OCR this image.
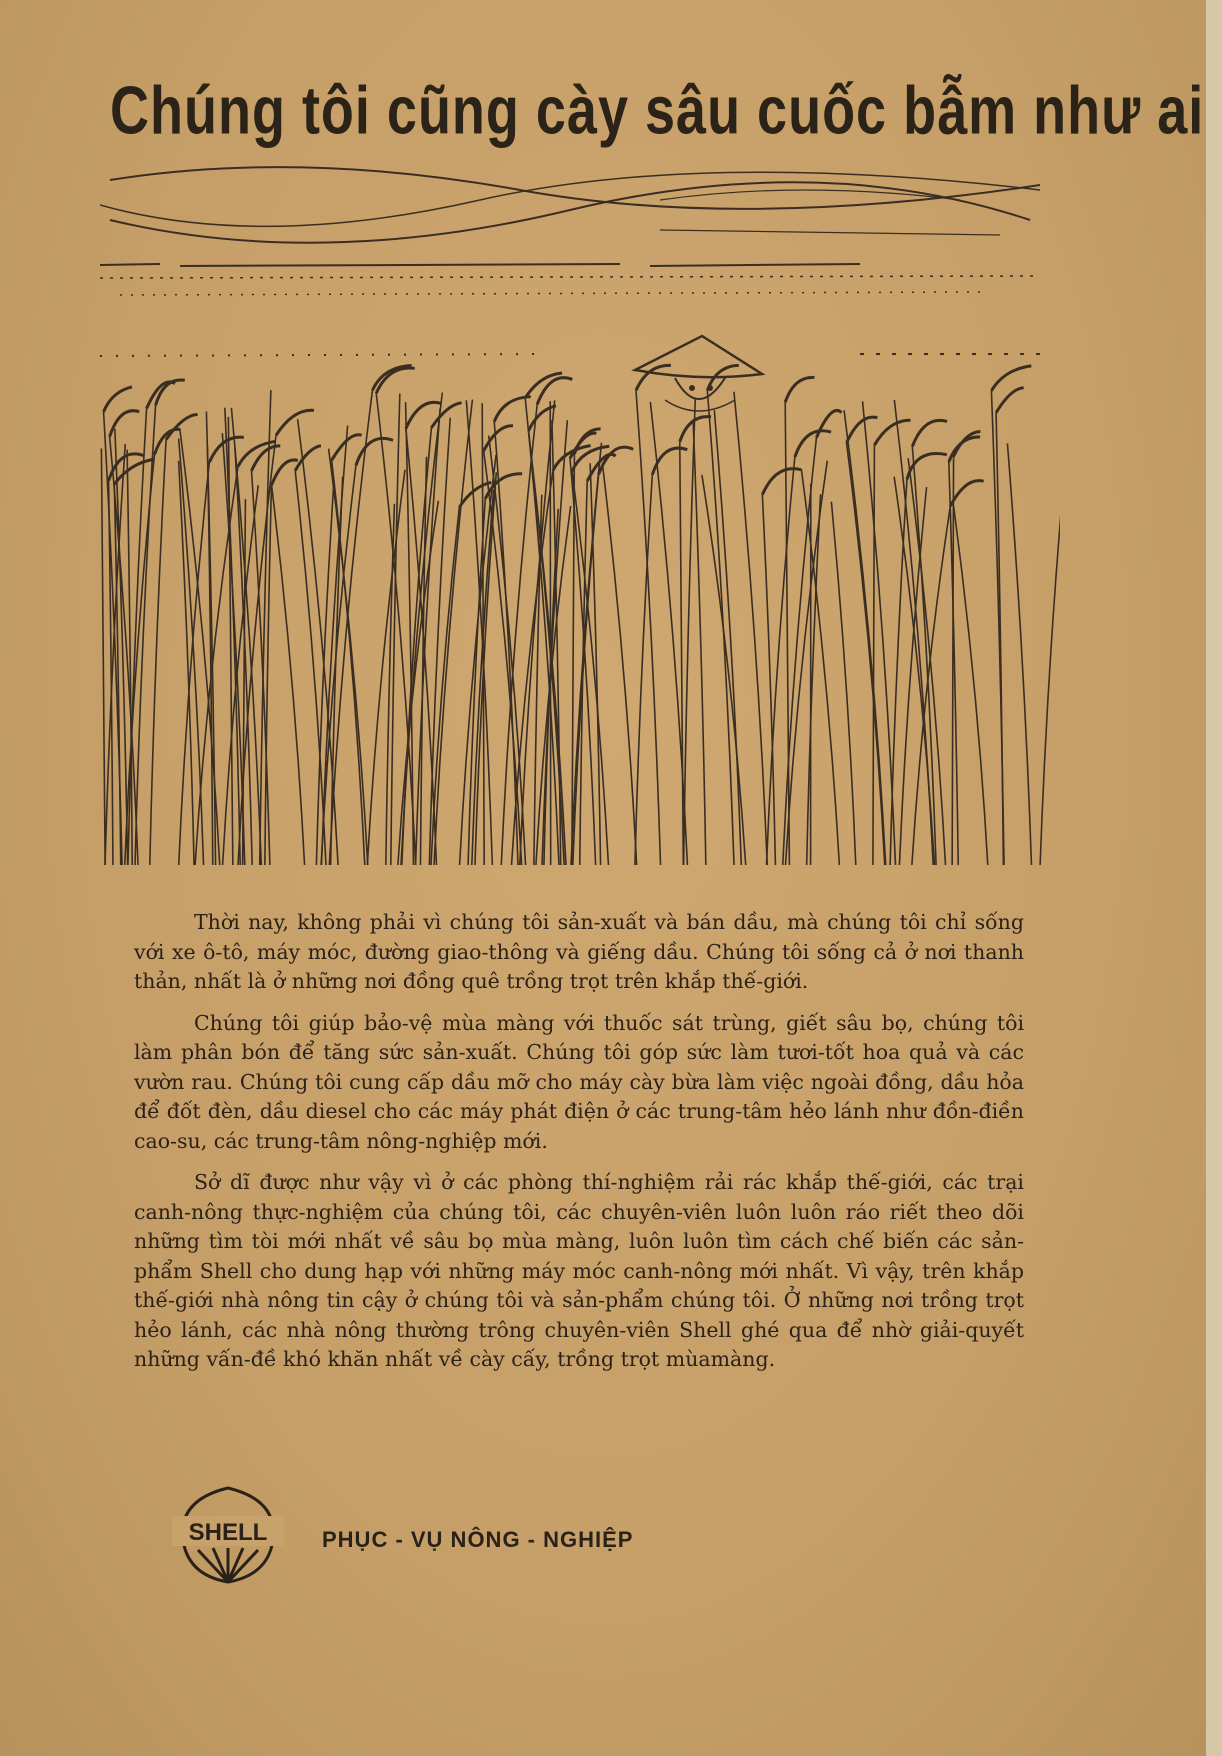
Chúng tôi cũng cày sâu cuốc bẫm như ai

Thời nay, không phải vì chúng tôi sản-xuất và bán dầu, mà chúng tôi chỉ sống với xe ô-tô, máy móc, đường giao-thông và giếng dầu. Chúng tôi sống cả ở nơi thanh thản, nhất là ở những nơi đồng quê trồng trọt trên khắp thế-giới.

Chúng tôi giúp bảo-vệ mùa màng với thuốc sát trùng, giết sâu bọ, chúng tôi làm phân bón để tăng sức sản-xuất. Chúng tôi góp sức làm tươi-tốt hoa quả và các vườn rau. Chúng tôi cung cấp dầu mỡ cho máy cày bừa làm việc ngoài đồng, dầu hỏa để đốt đèn, dầu diesel cho các máy phát điện ở các trung-tâm hẻo lánh như đồn-điền cao-su, các trung-tâm nông-nghiệp mới.

Sở dĩ được như vậy vì ở các phòng thí-nghiệm rải rác khắp thế-giới, các trại canh-nông thực-nghiệm của chúng tôi, các chuyên-viên luôn luôn ráo riết theo dõi những tìm tòi mới nhất về sâu bọ mùa màng, luôn luôn tìm cách chế biến các sản-phẩm Shell cho dung hạp với những máy móc canh-nông mới nhất. Vì vậy, trên khắp thế-giới nhà nông tin cậy ở chúng tôi và sản-phẩm chúng tôi. Ở những nơi trồng trọt hẻo lánh, các nhà nông thường trông chuyên-viên Shell ghé qua để nhờ giải-quyết những vấn-đề khó khăn nhất về cày cấy, trồng trọt mùamàng.

SHELL PHỤC - VỤ NÔNG - NGHIỆP
